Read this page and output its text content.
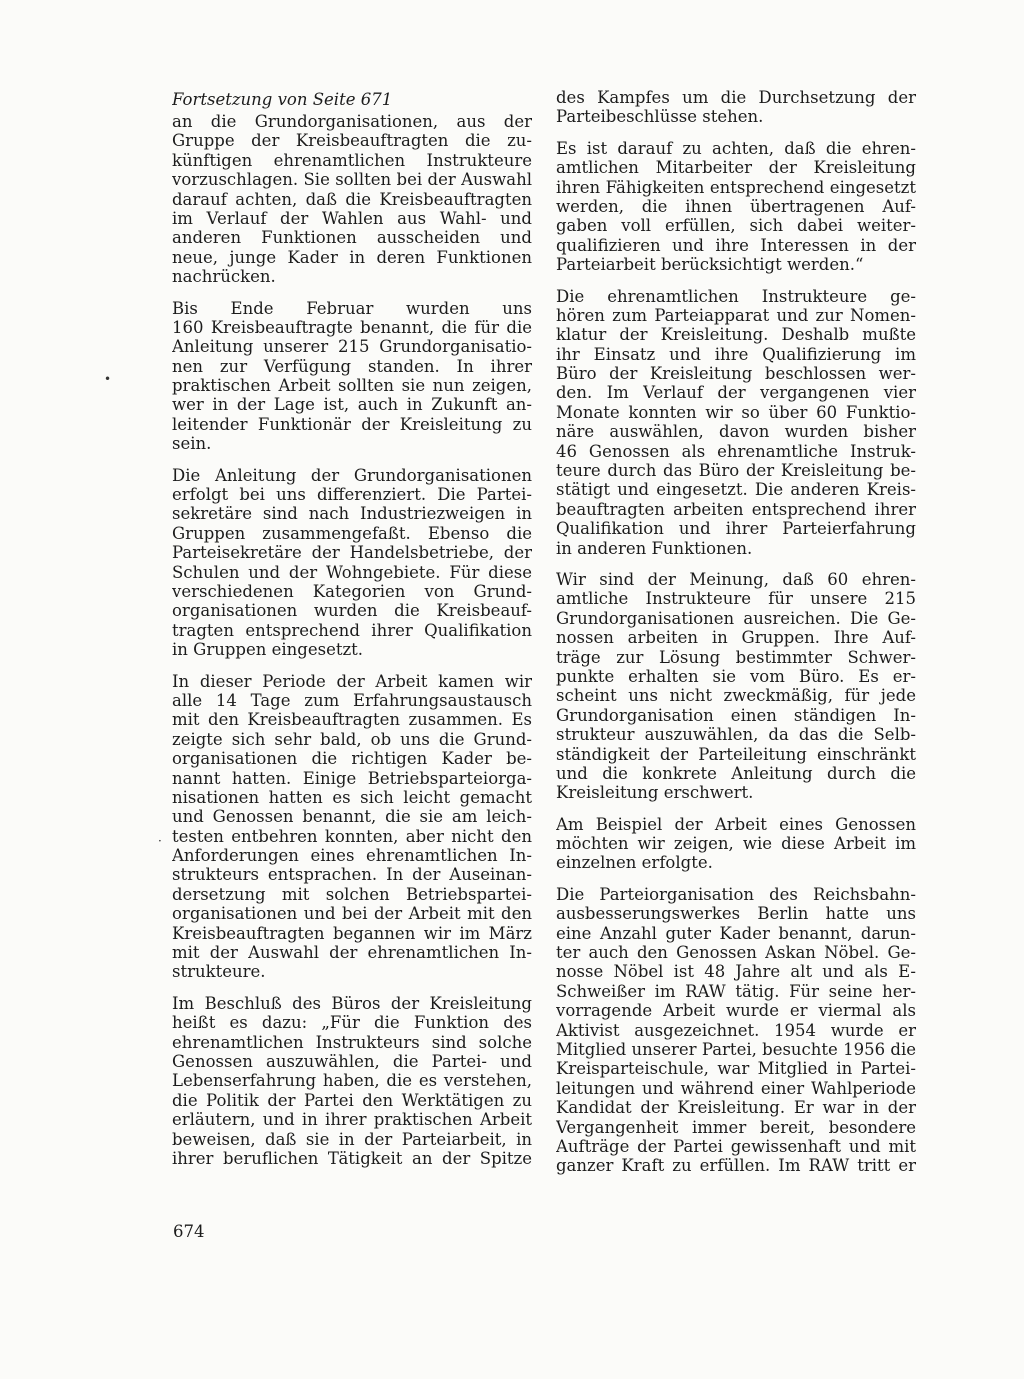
Fortsetzung von Seite 671
an die Grundorganisationen, aus der
Gruppe der Kreisbeauftragten die zu-
künftigen ehrenamtlichen Instrukteure
vorzuschlagen. Sie sollten bei der Auswahl
darauf achten, daß die Kreisbeauftragten
im Verlauf der Wahlen aus Wahl- und
anderen Funktionen ausscheiden und
neue, junge Kader in deren Funktionen
nachrücken.
Bis Ende Februar wurden uns
160 Kreisbeauftragte benannt, die für die
Anleitung unserer 215 Grundorganisatio-
nen zur Verfügung standen. In ihrer
praktischen Arbeit sollten sie nun zeigen,
wer in der Lage ist, auch in Zukunft an-
leitender Funktionär der Kreisleitung zu
sein.
Die Anleitung der Grundorganisationen
erfolgt bei uns differenziert. Die Partei-
sekretäre sind nach Industriezweigen in
Gruppen zusammengefaßt. Ebenso die
Parteisekretäre der Handelsbetriebe, der
Schulen und der Wohngebiete. Für diese
verschiedenen Kategorien von Grund-
organisationen wurden die Kreisbeauf-
tragten entsprechend ihrer Qualifikation
in Gruppen eingesetzt.
In dieser Periode der Arbeit kamen wir
alle 14 Tage zum Erfahrungsaustausch
mit den Kreisbeauftragten zusammen. Es
zeigte sich sehr bald, ob uns die Grund-
organisationen die richtigen Kader be-
nannt hatten. Einige Betriebsparteiorga-
nisationen hatten es sich leicht gemacht
und Genossen benannt, die sie am leich-
testen entbehren konnten, aber nicht den
Anforderungen eines ehrenamtlichen In-
strukteurs entsprachen. In der Auseinan-
dersetzung mit solchen Betriebspartei-
organisationen und bei der Arbeit mit den
Kreisbeauftragten begannen wir im März
mit der Auswahl der ehrenamtlichen In-
strukteure.
Im Beschluß des Büros der Kreisleitung
heißt es dazu: „Für die Funktion des
ehrenamtlichen Instrukteurs sind solche
Genossen auszuwählen, die Partei- und
Lebenserfahrung haben, die es verstehen,
die Politik der Partei den Werktätigen zu
erläutern, und in ihrer praktischen Arbeit
beweisen, daß sie in der Parteiarbeit, in
ihrer beruflichen Tätigkeit an der Spitze
des Kampfes um die Durchsetzung der
Parteibeschlüsse stehen.
Es ist darauf zu achten, daß die ehren-
amtlichen Mitarbeiter der Kreisleitung
ihren Fähigkeiten entsprechend eingesetzt
werden, die ihnen übertragenen Auf-
gaben voll erfüllen, sich dabei weiter-
qualifizieren und ihre Interessen in der
Parteiarbeit berücksichtigt werden.“
Die ehrenamtlichen Instrukteure ge-
hören zum Parteiapparat und zur Nomen-
klatur der Kreisleitung. Deshalb mußte
ihr Einsatz und ihre Qualifizierung im
Büro der Kreisleitung beschlossen wer-
den. Im Verlauf der vergangenen vier
Monate konnten wir so über 60 Funktio-
näre auswählen, davon wurden bisher
46 Genossen als ehrenamtliche Instruk-
teure durch das Büro der Kreisleitung be-
stätigt und eingesetzt. Die anderen Kreis-
beauftragten arbeiten entsprechend ihrer
Qualifikation und ihrer Parteierfahrung
in anderen Funktionen.
Wir sind der Meinung, daß 60 ehren-
amtliche Instrukteure für unsere 215
Grundorganisationen ausreichen. Die Ge-
nossen arbeiten in Gruppen. Ihre Auf-
träge zur Lösung bestimmter Schwer-
punkte erhalten sie vom Büro. Es er-
scheint uns nicht zweckmäßig, für jede
Grundorganisation einen ständigen In-
strukteur auszuwählen, da das die Selb-
ständigkeit der Parteileitung einschränkt
und die konkrete Anleitung durch die
Kreisleitung erschwert.
Am Beispiel der Arbeit eines Genossen
möchten wir zeigen, wie diese Arbeit im
einzelnen erfolgte.
Die Parteiorganisation des Reichsbahn-
ausbesserungswerkes Berlin hatte uns
eine Anzahl guter Kader benannt, darun-
ter auch den Genossen Askan Nöbel. Ge-
nosse Nöbel ist 48 Jahre alt und als E-
Schweißer im RAW tätig. Für seine her-
vorragende Arbeit wurde er viermal als
Aktivist ausgezeichnet. 1954 wurde er
Mitglied unserer Partei, besuchte 1956 die
Kreisparteischule, war Mitglied in Partei-
leitungen und während einer Wahlperiode
Kandidat der Kreisleitung. Er war in der
Vergangenheit immer bereit, besondere
Aufträge der Partei gewissenhaft und mit
ganzer Kraft zu erfüllen. Im RAW tritt er
674
•
·
